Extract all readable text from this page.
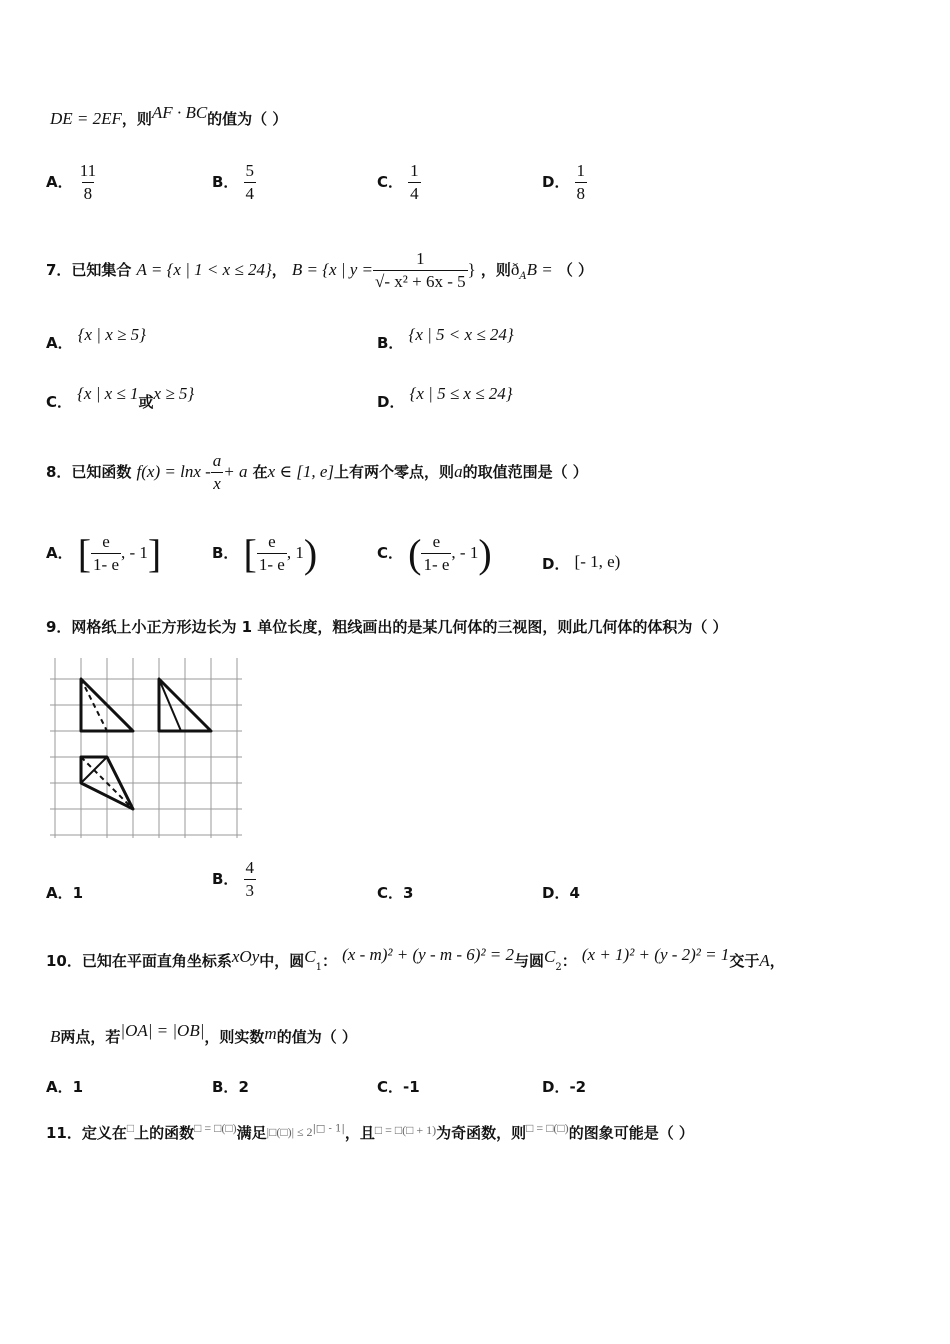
DE = 2EF，则AF · BC的值为（ ）
A． $\frac{11}{8}$	B． $\frac{5}{4}$	C． $\frac{1}{4}$	D． $\frac{1}{8}$
7．已知集合 A = {x | 1 < x ≤ 24}， B = {x | $y = \frac{1}{\text{√- x² + 6x - 5}}$ } ，则$ð_AB$ = （ ）
A． {x | x ≥ 5}	B． {x | 5 < x ≤ 24}
C． {x | x ≤ 1或x ≥ 5}	D． {x | 5 ≤ x ≤ 24}
8．已知函数 $f(x) = \ln x - \frac{a}{x} + a$ 在x ∈ [1, e]上有两个零点，则a的取值范围是（ ）
A． [ $\frac{e}{1- e}$ , - 1]	B． [ $\frac{e}{1- e}$ , 1)	C． ( $\frac{e}{1- e}$ , - 1)	D． [- 1, e)
9．网格纸上小正方形边长为 1 单位长度，粗线画出的是某几何体的三视图，则此几何体的体积为（ ）
A．1
B． $\frac{4}{3}$	C．3	D．4
10．已知在平面直角坐标系xOy中，圆$C_1$： (x - m)² + (y - m - 6)² = 2与圆$C_2$： (x + 1)² + (y - 2)² = 1交于A，
B两点，若|OA| = |OB|，则实数m的值为（ ）
A．1	B．2	C．-1	D．-2
11．定义在□上的函数□ = □(□)满足|□(□)| ≤ $2^{|□ - 1|}$，且$^{□ = □(□ + 1)}$为奇函数，则□ = □(□)的图象可能是（ ）
